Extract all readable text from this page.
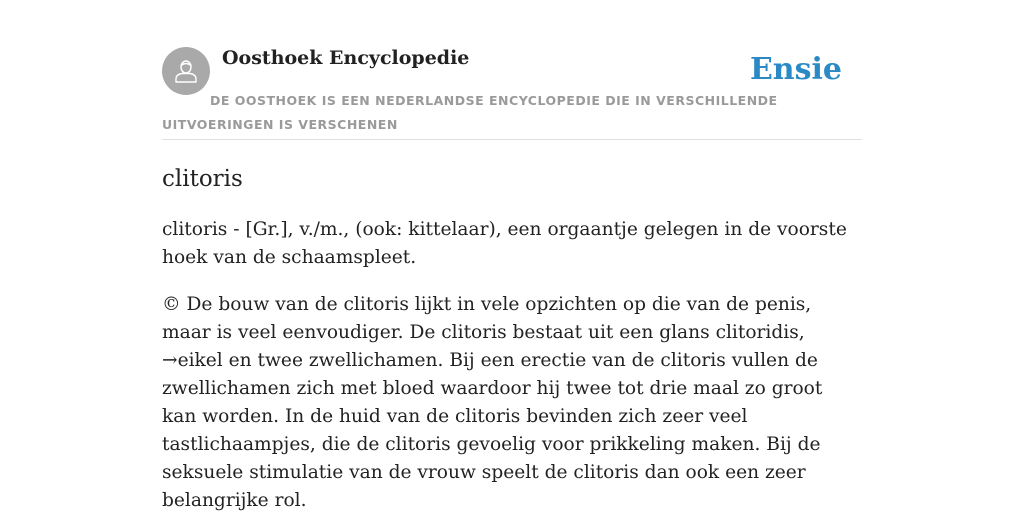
Oosthoek Encyclopedie	Ensie

DE OOSTHOEK IS EEN NEDERLANDSE ENCYCLOPEDIE DIE IN VERSCHILLENDE UITVOERINGEN IS VERSCHENEN

clitoris

clitoris - [Gr.], v./m., (ook: kittelaar), een orgaantje gelegen in de voorste hoek van de schaamspleet.

© De bouw van de clitoris lijkt in vele opzichten op die van de penis, maar is veel eenvoudiger. De clitoris bestaat uit een glans clitoridis, →eikel en twee zwellichamen. Bij een erectie van de clitoris vullen de zwellichamen zich met bloed waardoor hij twee tot drie maal zo groot kan worden. In de huid van de clitoris bevinden zich zeer veel tastlichaampjes, die de clitoris gevoelig voor prikkeling maken. Bij de seksuele stimulatie van de vrouw speelt de clitoris dan ook een zeer belangrijke rol.
